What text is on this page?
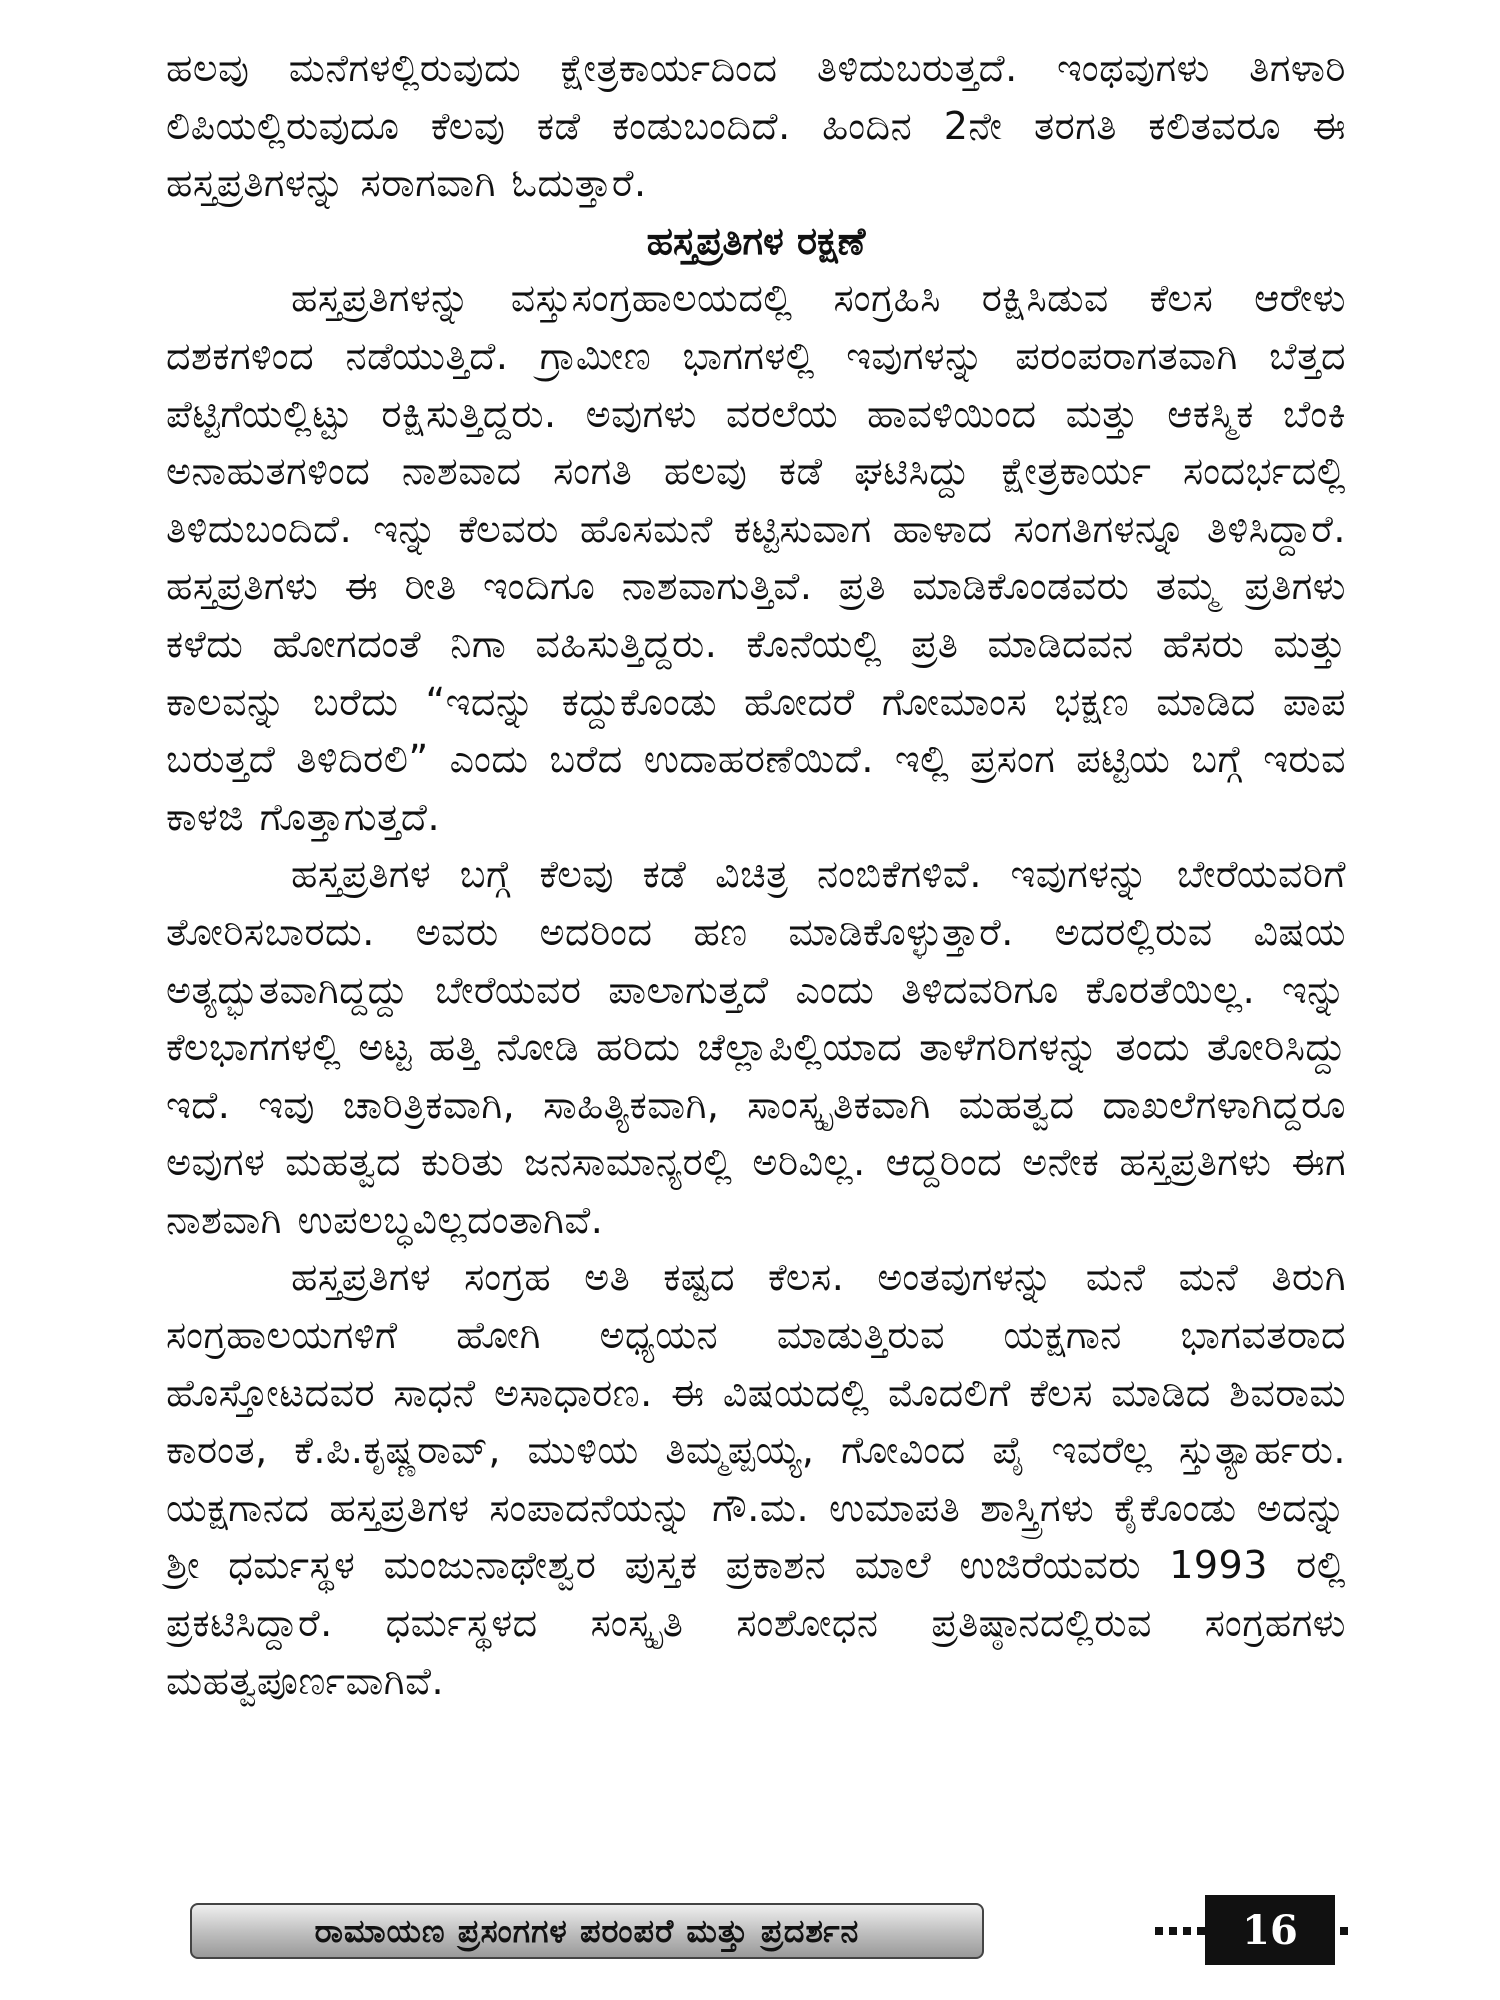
ಹಲವು ಮನೆಗಳಲ್ಲಿರುವುದು ಕ್ಷೇತ್ರಕಾರ್ಯದಿಂದ ತಿಳಿದುಬರುತ್ತದೆ. ಇಂಥವುಗಳು ತಿಗಳಾರಿ ಲಿಪಿಯಲ್ಲಿರುವುದೂ ಕೆಲವು ಕಡೆ ಕಂಡುಬಂದಿದೆ. ಹಿಂದಿನ 2ನೇ ತರಗತಿ ಕಲಿತವರೂ ಈ ಹಸ್ತಪ್ರತಿಗಳನ್ನು ಸರಾಗವಾಗಿ ಓದುತ್ತಾರೆ.

ಹಸ್ತಪ್ರತಿಗಳ ರಕ್ಷಣೆ

ಹಸ್ತಪ್ರತಿಗಳನ್ನು ವಸ್ತುಸಂಗ್ರಹಾಲಯದಲ್ಲಿ ಸಂಗ್ರಹಿಸಿ ರಕ್ಷಿಸಿಡುವ ಕೆಲಸ ಆರೇಳು ದಶಕಗಳಿಂದ ನಡೆಯುತ್ತಿದೆ. ಗ್ರಾಮೀಣ ಭಾಗಗಳಲ್ಲಿ ಇವುಗಳನ್ನು ಪರಂಪರಾಗತವಾಗಿ ಬೆತ್ತದ ಪೆಟ್ಟಿಗೆಯಲ್ಲಿಟ್ಟು ರಕ್ಷಿಸುತ್ತಿದ್ದರು. ಅವುಗಳು ವರಲೆಯ ಹಾವಳಿಯಿಂದ ಮತ್ತು ಆಕಸ್ಮಿಕ ಬೆಂಕಿ ಅನಾಹುತಗಳಿಂದ ನಾಶವಾದ ಸಂಗತಿ ಹಲವು ಕಡೆ ಘಟಿಸಿದ್ದು ಕ್ಷೇತ್ರಕಾರ್ಯ ಸಂದರ್ಭದಲ್ಲಿ ತಿಳಿದುಬಂದಿದೆ. ಇನ್ನು ಕೆಲವರು ಹೊಸಮನೆ ಕಟ್ಟಿಸುವಾಗ ಹಾಳಾದ ಸಂಗತಿಗಳನ್ನೂ ತಿಳಿಸಿದ್ದಾರೆ. ಹಸ್ತಪ್ರತಿಗಳು ಈ ರೀತಿ ಇಂದಿಗೂ ನಾಶವಾಗುತ್ತಿವೆ. ಪ್ರತಿ ಮಾಡಿಕೊಂಡವರು ತಮ್ಮ ಪ್ರತಿಗಳು ಕಳೆದು ಹೋಗದಂತೆ ನಿಗಾ ವಹಿಸುತ್ತಿದ್ದರು. ಕೊನೆಯಲ್ಲಿ ಪ್ರತಿ ಮಾಡಿದವನ ಹೆಸರು ಮತ್ತು ಕಾಲವನ್ನು ಬರೆದು “ಇದನ್ನು ಕದ್ದುಕೊಂಡು ಹೋದರೆ ಗೋಮಾಂಸ ಭಕ್ಷಣ ಮಾಡಿದ ಪಾಪ ಬರುತ್ತದೆ ತಿಳಿದಿರಲಿ” ಎಂದು ಬರೆದ ಉದಾಹರಣೆಯಿದೆ. ಇಲ್ಲಿ ಪ್ರಸಂಗ ಪಟ್ಟಿಯ ಬಗ್ಗೆ ಇರುವ ಕಾಳಜಿ ಗೊತ್ತಾಗುತ್ತದೆ.

ಹಸ್ತಪ್ರತಿಗಳ ಬಗ್ಗೆ ಕೆಲವು ಕಡೆ ವಿಚಿತ್ರ ನಂಬಿಕೆಗಳಿವೆ. ಇವುಗಳನ್ನು ಬೇರೆಯವರಿಗೆ ತೋರಿಸಬಾರದು. ಅವರು ಅದರಿಂದ ಹಣ ಮಾಡಿಕೊಳ್ಳುತ್ತಾರೆ. ಅದರಲ್ಲಿರುವ ವಿಷಯ ಅತ್ಯದ್ಭುತವಾಗಿದ್ದದ್ದು ಬೇರೆಯವರ ಪಾಲಾಗುತ್ತದೆ ಎಂದು ತಿಳಿದವರಿಗೂ ಕೊರತೆಯಿಲ್ಲ. ಇನ್ನು ಕೆಲಭಾಗಗಳಲ್ಲಿ ಅಟ್ಟ ಹತ್ತಿ ನೋಡಿ ಹರಿದು ಚೆಲ್ಲಾಪಿಲ್ಲಿಯಾದ ತಾಳೆಗರಿಗಳನ್ನು ತಂದು ತೋರಿಸಿದ್ದು ಇದೆ. ಇವು ಚಾರಿತ್ರಿಕವಾಗಿ, ಸಾಹಿತ್ಯಿಕವಾಗಿ, ಸಾಂಸ್ಕೃತಿಕವಾಗಿ ಮಹತ್ವದ ದಾಖಲೆಗಳಾಗಿದ್ದರೂ ಅವುಗಳ ಮಹತ್ವದ ಕುರಿತು ಜನಸಾಮಾನ್ಯರಲ್ಲಿ ಅರಿವಿಲ್ಲ. ಆದ್ದರಿಂದ ಅನೇಕ ಹಸ್ತಪ್ರತಿಗಳು ಈಗ ನಾಶವಾಗಿ ಉಪಲಬ್ಧವಿಲ್ಲದಂತಾಗಿವೆ.

ಹಸ್ತಪ್ರತಿಗಳ ಸಂಗ್ರಹ ಅತಿ ಕಷ್ಟದ ಕೆಲಸ. ಅಂತವುಗಳನ್ನು ಮನೆ ಮನೆ ತಿರುಗಿ ಸಂಗ್ರಹಾಲಯಗಳಿಗೆ ಹೋಗಿ ಅಧ್ಯಯನ ಮಾಡುತ್ತಿರುವ ಯಕ್ಷಗಾನ ಭಾಗವತರಾದ ಹೊಸ್ತೋಟದವರ ಸಾಧನೆ ಅಸಾಧಾರಣ. ಈ ವಿಷಯದಲ್ಲಿ ಮೊದಲಿಗೆ ಕೆಲಸ ಮಾಡಿದ ಶಿವರಾಮ ಕಾರಂತ, ಕೆ.ಪಿ.ಕೃಷ್ಣರಾವ್, ಮುಳಿಯ ತಿಮ್ಮಪ್ಪಯ್ಯ, ಗೋವಿಂದ ಪೈ ಇವರೆಲ್ಲ ಸ್ತುತ್ಯಾರ್ಹರು. ಯಕ್ಷಗಾನದ ಹಸ್ತಪ್ರತಿಗಳ ಸಂಪಾದನೆಯನ್ನು ಗೌ.ಮ. ಉಮಾಪತಿ ಶಾಸ್ತ್ರಿಗಳು ಕೈಕೊಂಡು ಅದನ್ನು ಶ್ರೀ ಧರ್ಮಸ್ಥಳ ಮಂಜುನಾಥೇಶ್ವರ ಪುಸ್ತಕ ಪ್ರಕಾಶನ ಮಾಲೆ ಉಜಿರೆಯವರು 1993 ರಲ್ಲಿ ಪ್ರಕಟಿಸಿದ್ದಾರೆ. ಧರ್ಮಸ್ಥಳದ ಸಂಸ್ಕೃತಿ ಸಂಶೋಧನ ಪ್ರತಿಷ್ಠಾನದಲ್ಲಿರುವ ಸಂಗ್ರಹಗಳು ಮಹತ್ವಪೂರ್ಣವಾಗಿವೆ.

ರಾಮಾಯಣ ಪ್ರಸಂಗಗಳ ಪರಂಪರೆ ಮತ್ತು ಪ್ರದರ್ಶನ	16
